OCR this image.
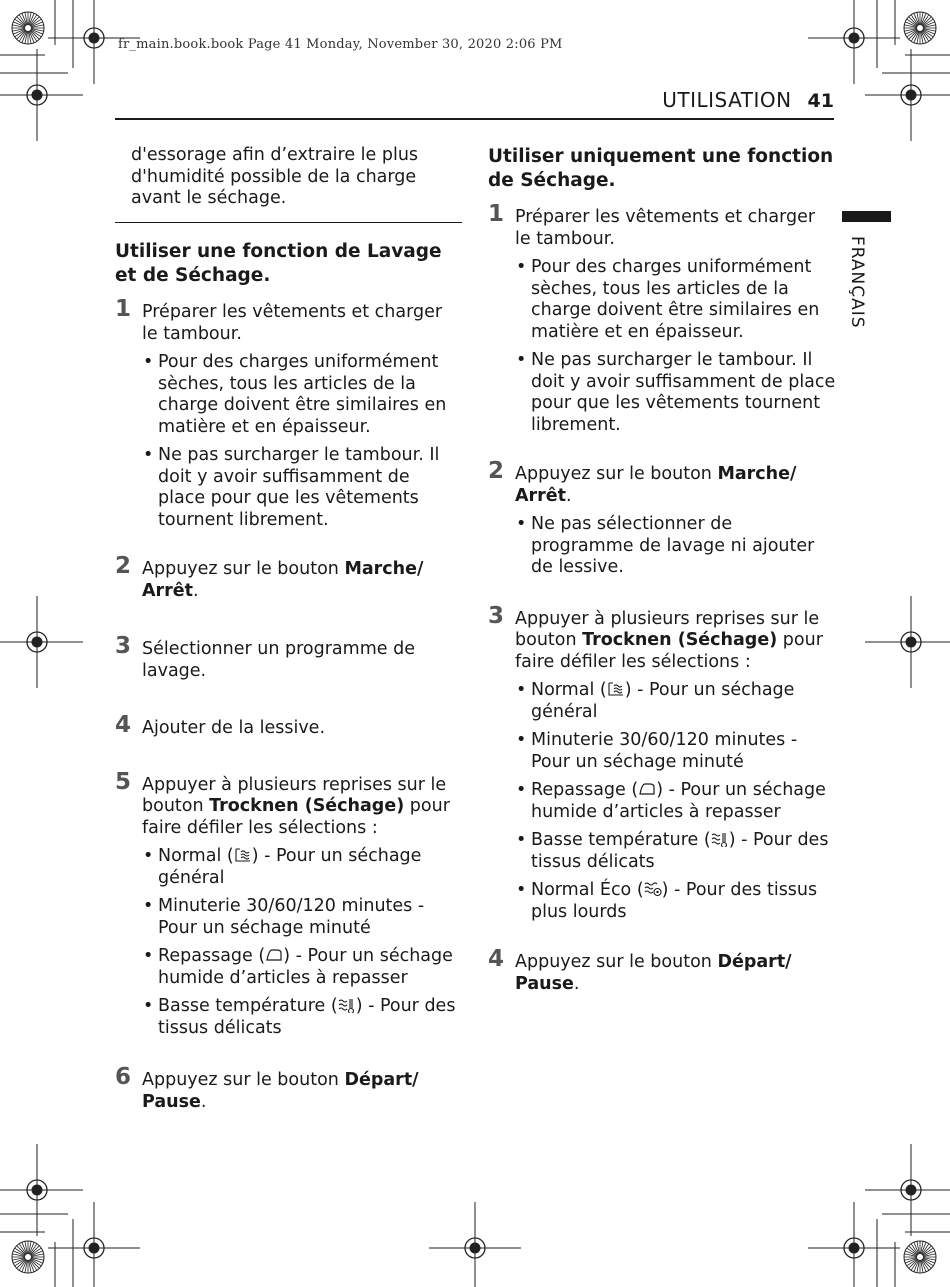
fr_main.book.book Page 41 Monday, November 30, 2020 2:06 PM
UTILISATION 41
FRANÇAIS
d'essorage afin d’extraire le plus d'humidité possible de la charge avant le séchage.
Utiliser une fonction de Lavage et de Séchage.
1 Préparer les vêtements et charger le tambour.
• Pour des charges uniformément sèches, tous les articles de la charge doivent être similaires en matière et en épaisseur.
• Ne pas surcharger le tambour. Il doit y avoir suffisamment de place pour que les vêtements tournent librement.
2 Appuyez sur le bouton Marche/ Arrêt.
3 Sélectionner un programme de lavage.
4 Ajouter de la lessive.
5 Appuyer à plusieurs reprises sur le bouton Trocknen (Séchage) pour faire défiler les sélections :
• Normal ( ) - Pour un séchage général
• Minuterie 30/60/120 minutes - Pour un séchage minuté
• Repassage ( ) - Pour un séchage humide d’articles à repasser
• Basse température ( ) - Pour des tissus délicats
6 Appuyez sur le bouton Départ/ Pause.
Utiliser uniquement une fonction de Séchage.
1 Préparer les vêtements et charger le tambour.
• Pour des charges uniformément sèches, tous les articles de la charge doivent être similaires en matière et en épaisseur.
• Ne pas surcharger le tambour. Il doit y avoir suffisamment de place pour que les vêtements tournent librement.
2 Appuyez sur le bouton Marche/ Arrêt.
• Ne pas sélectionner de programme de lavage ni ajouter de lessive.
3 Appuyer à plusieurs reprises sur le bouton Trocknen (Séchage) pour faire défiler les sélections :
• Normal ( ) - Pour un séchage général
• Minuterie 30/60/120 minutes - Pour un séchage minuté
• Repassage ( ) - Pour un séchage humide d’articles à repasser
• Basse température ( ) - Pour des tissus délicats
• Normal Éco ( ) - Pour des tissus plus lourds
4 Appuyez sur le bouton Départ/ Pause.
